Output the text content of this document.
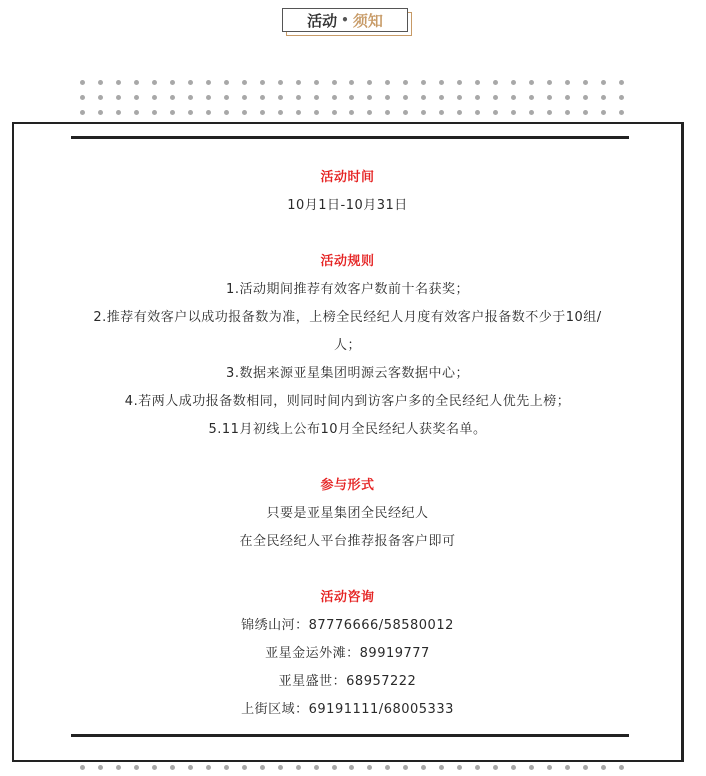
活动 • 须知
活动时间
10月1日-10月31日
活动规则
1.活动期间推荐有效客户数前十名获奖；
2.推荐有效客户以成功报备数为准，上榜全民经纪人月度有效客户报备数不少于10组/
人；
3.数据来源亚星集团明源云客数据中心；
4.若两人成功报备数相同，则同时间内到访客户多的全民经纪人优先上榜；
5.11月初线上公布10月全民经纪人获奖名单。
参与形式
只要是亚星集团全民经纪人
在全民经纪人平台推荐报备客户即可
活动咨询
锦绣山河：87776666/58580012
亚星金运外滩：89919777
亚星盛世：68957222
上街区域：69191111/68005333
